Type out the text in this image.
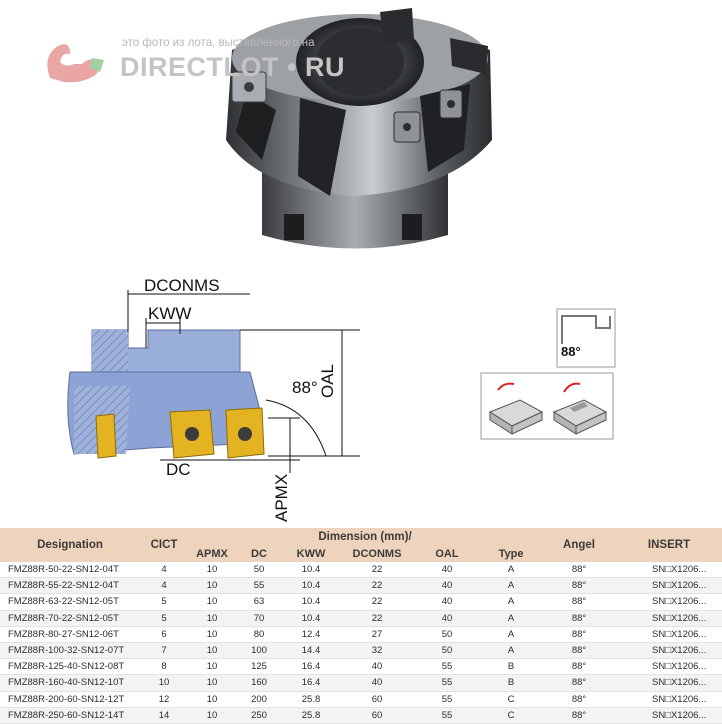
это фото из лота, выставленного на
DIRECTLOT • RU
DCONMS
KWW
88° OAL
DC
APMX
88°
Designation	CICT	Dimension (mm)/						Angel	INSERT
		APMX	DC	KWW	DCONMS	OAL	Type		
FMZ88R-50-22-SN12-04T	4	10	50	10.4	22	40	A	88°	SN□X1206...
FMZ88R-55-22-SN12-04T	4	10	55	10.4	22	40	A	88°	SN□X1206...
FMZ88R-63-22-SN12-05T	5	10	63	10.4	22	40	A	88°	SN□X1206...
FMZ88R-70-22-SN12-05T	5	10	70	10.4	22	40	A	88°	SN□X1206...
FMZ88R-80-27-SN12-06T	6	10	80	12.4	27	50	A	88°	SN□X1206...
FMZ88R-100-32-SN12-07T	7	10	100	14.4	32	50	A	88°	SN□X1206...
FMZ88R-125-40-SN12-08T	8	10	125	16.4	40	55	B	88°	SN□X1206...
FMZ88R-160-40-SN12-10T	10	10	160	16.4	40	55	B	88°	SN□X1206...
FMZ88R-200-60-SN12-12T	12	10	200	25.8	60	55	C	88°	SN□X1206...
FMZ88R-250-60-SN12-14T	14	10	250	25.8	60	55	C	88°	SN□X1206...
